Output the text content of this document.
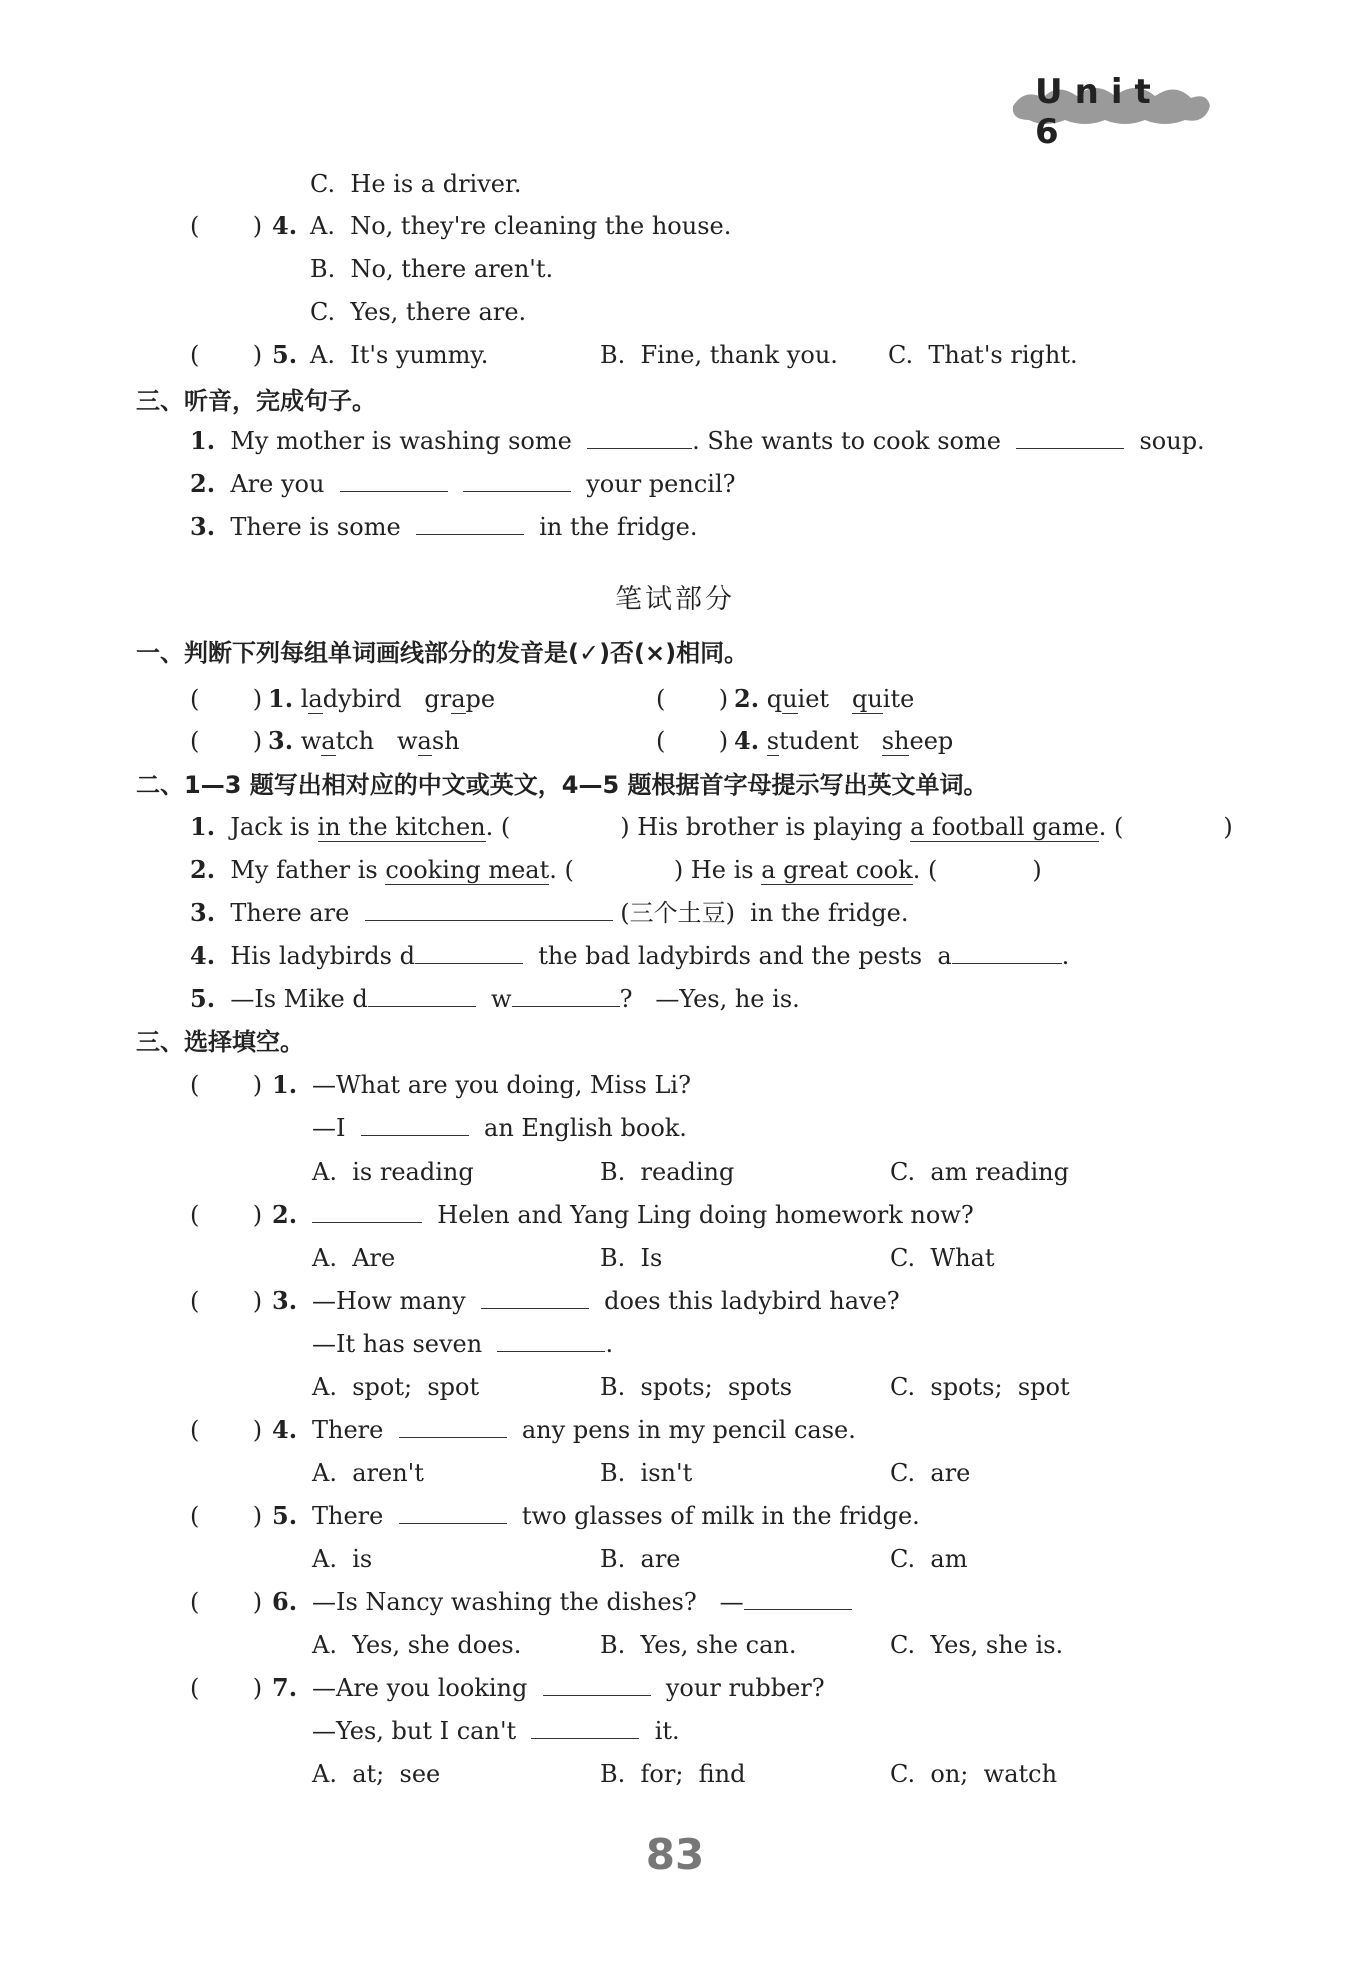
Unit 6
C.  He is a driver.
(       ) 4. A.  No, they're cleaning the house.
B.  No, there aren't.
C.  Yes, there are.
(       ) 5. A.  It's yummy.	B.  Fine, thank you. C.  That's right.
三、听音，完成句子。
1. My mother is washing some	. She wants to cook some	soup.
2. Are you	your pencil?
3. There is some	in the fridge.
笔试部分
一、判断下列每组单词画线部分的发音是(✓)否(×)相同。
(       ) 1. ladybird grape	(       ) 2. quiet quite
(       ) 3. watch wash	(       ) 4. student sheep
二、1—3 题写出相对应的中文或英文，4—5 题根据首字母提示写出英文单词。
1. Jack is in the kitchen. (	) His brother is playing a football game. (	)
2. My father is cooking meat. (	) He is a great cook. (	)
3. There are	(三个土豆)  in the fridge.
4. His ladybirds d	the bad ladybirds and the pests  a	.
5. —Is Mike d	w	?   —Yes, he is.
三、选择填空。
(       ) 1. —What are you doing, Miss Li?
—I	an English book.
A.  is reading	B.  reading	C.  am reading
(       ) 2.	Helen and Yang Ling doing homework now?
A.  Are	B.  Is	C.  What
(       ) 3. —How many	does this ladybird have?
—It has seven	.
A.  spot;  spot	B.  spots;  spots	C.  spots;  spot
(       ) 4. There	any pens in my pencil case.
A.  aren't	B.  isn't	C.  are
(       ) 5. There	two glasses of milk in the fridge.
A.  is	B.  are	C.  am
(       ) 6. —Is Nancy washing the dishes?   —
A.  Yes, she does.	B.  Yes, she can.	C.  Yes, she is.
(       ) 7. —Are you looking	your rubber?
—Yes, but I can't	it.
A.  at;  see	B.  for;  find	C.  on;  watch
83
